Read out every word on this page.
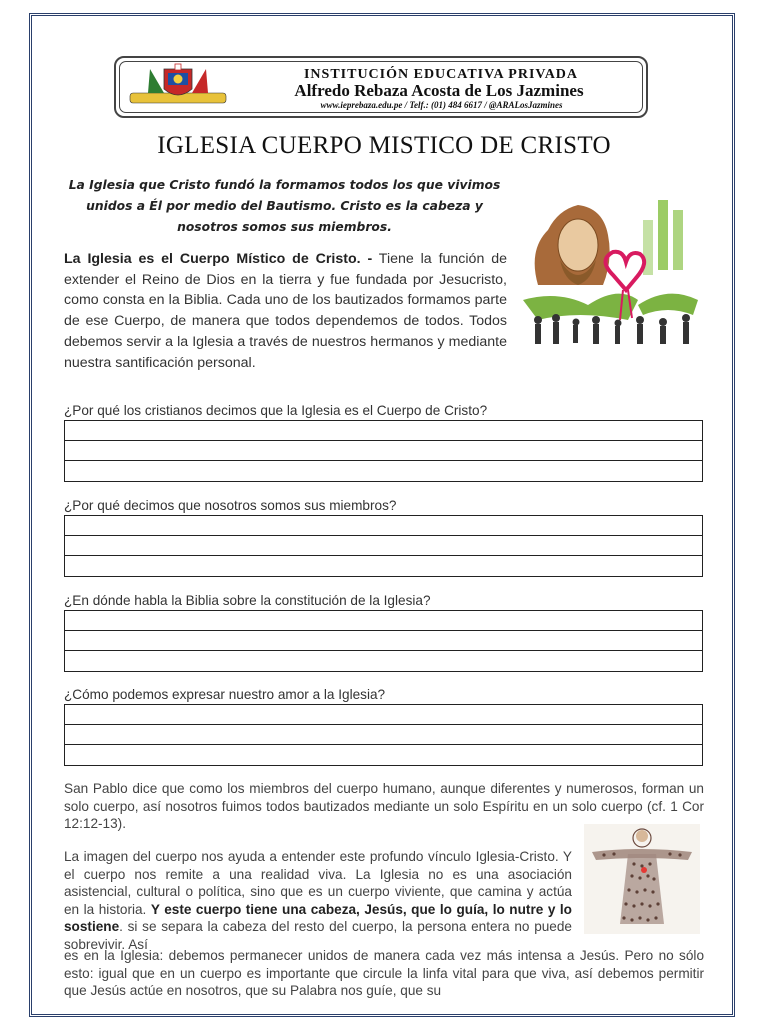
INSTITUCIÓN EDUCATIVA PRIVADA
Alfredo Rebaza Acosta de Los Jazmines
www.ieprebaza.edu.pe / Telf.: (01) 484 6617 / @ARALosJazmines
IGLESIA CUERPO MISTICO DE CRISTO
La Iglesia que Cristo fundó la formamos todos los que vivimos unidos a Él por medio del Bautismo. Cristo es la cabeza y nosotros somos sus miembros.
La Iglesia es el Cuerpo Místico de Cristo. - Tiene la función de extender el Reino de Dios en la tierra y fue fundada por Jesucristo, como consta en la Biblia. Cada uno de los bautizados formamos parte de ese Cuerpo, de manera que todos dependemos de todos. Todos debemos servir a la Iglesia a través de nuestros hermanos y mediante nuestra santificación personal.
¿Por qué los cristianos decimos que la Iglesia es el Cuerpo de Cristo?
¿Por qué decimos que nosotros somos sus miembros?
¿En dónde habla la Biblia sobre la constitución de la Iglesia?
¿Cómo podemos expresar nuestro amor a la Iglesia?
San Pablo dice que como los miembros del cuerpo humano, aunque diferentes y numerosos, forman un solo cuerpo, así nosotros fuimos todos bautizados mediante un solo Espíritu en un solo cuerpo (cf. 1 Cor 12:12-13).
La imagen del cuerpo nos ayuda a entender este profundo vínculo Iglesia-Cristo. Y el cuerpo nos remite a una realidad viva. La Iglesia no es una asociación asistencial, cultural o política, sino que es un cuerpo viviente, que camina y actúa en la historia. Y este cuerpo tiene una cabeza, Jesús, que lo guía, lo nutre y lo sostiene. si se separa la cabeza del resto del cuerpo, la persona entera no puede sobrevivir. Así
es en la Iglesia: debemos permanecer unidos de manera cada vez más intensa a Jesús. Pero no sólo esto: igual que en un cuerpo es importante que circule la linfa vital para que viva, así debemos permitir que Jesús actúe en nosotros, que su Palabra nos guíe, que su
